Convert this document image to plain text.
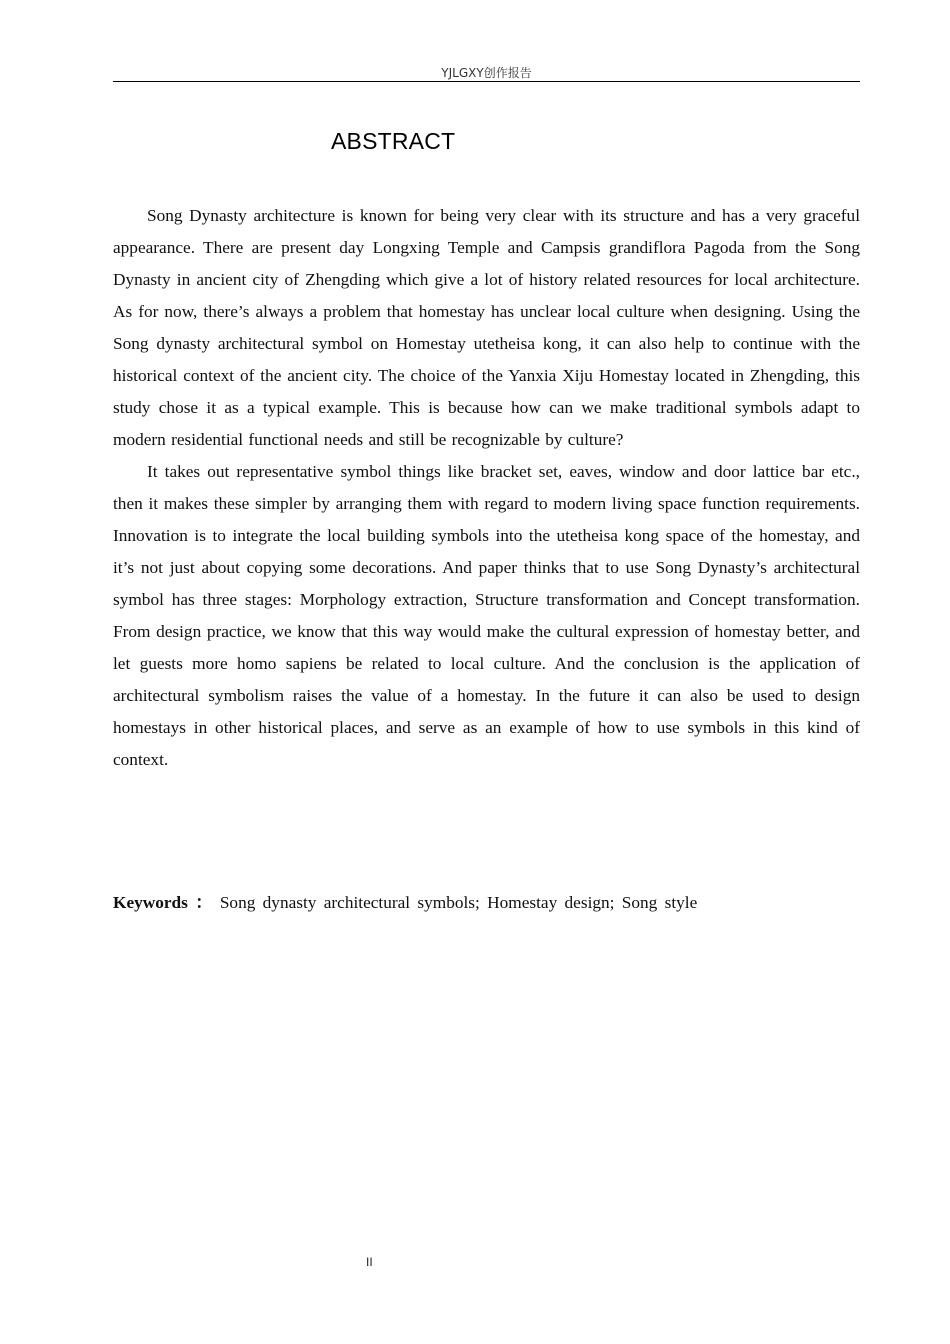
YJLGXY创作报告
ABSTRACT

Song Dynasty architecture is known for being very clear with its structure and has a very graceful appearance. There are present day Longxing Temple and Campsis grandiflora Pagoda from the Song Dynasty in ancient city of Zhengding which give a lot of history related resources for local architecture. As for now, there’s always a problem that homestay has unclear local culture when designing. Using the Song dynasty architectural symbol on Homestay utetheisa kong, it can also help to continue with the historical context of the ancient city. The choice of the Yanxia Xiju Homestay located in Zhengding, this study chose it as a typical example. This is because how can we make traditional symbols adapt to modern residential functional needs and still be recognizable by culture?

It takes out representative symbol things like bracket set, eaves, window and door lattice bar etc., then it makes these simpler by arranging them with regard to modern living space function requirements. Innovation is to integrate the local building symbols into the utetheisa kong space of the homestay, and it’s not just about copying some decorations. And paper thinks that to use Song Dynasty’s architectural symbol has three stages: Morphology extraction, Structure transformation and Concept transformation. From design practice, we know that this way would make the cultural expression of homestay better, and let guests more homo sapiens be related to local culture. And the conclusion is the application of architectural symbolism raises the value of a homestay. In the future it can also be used to design homestays in other historical places, and serve as an example of how to use symbols in this kind of context.

Keywords ： Song dynasty architectural symbols; Homestay design; Song style
II
